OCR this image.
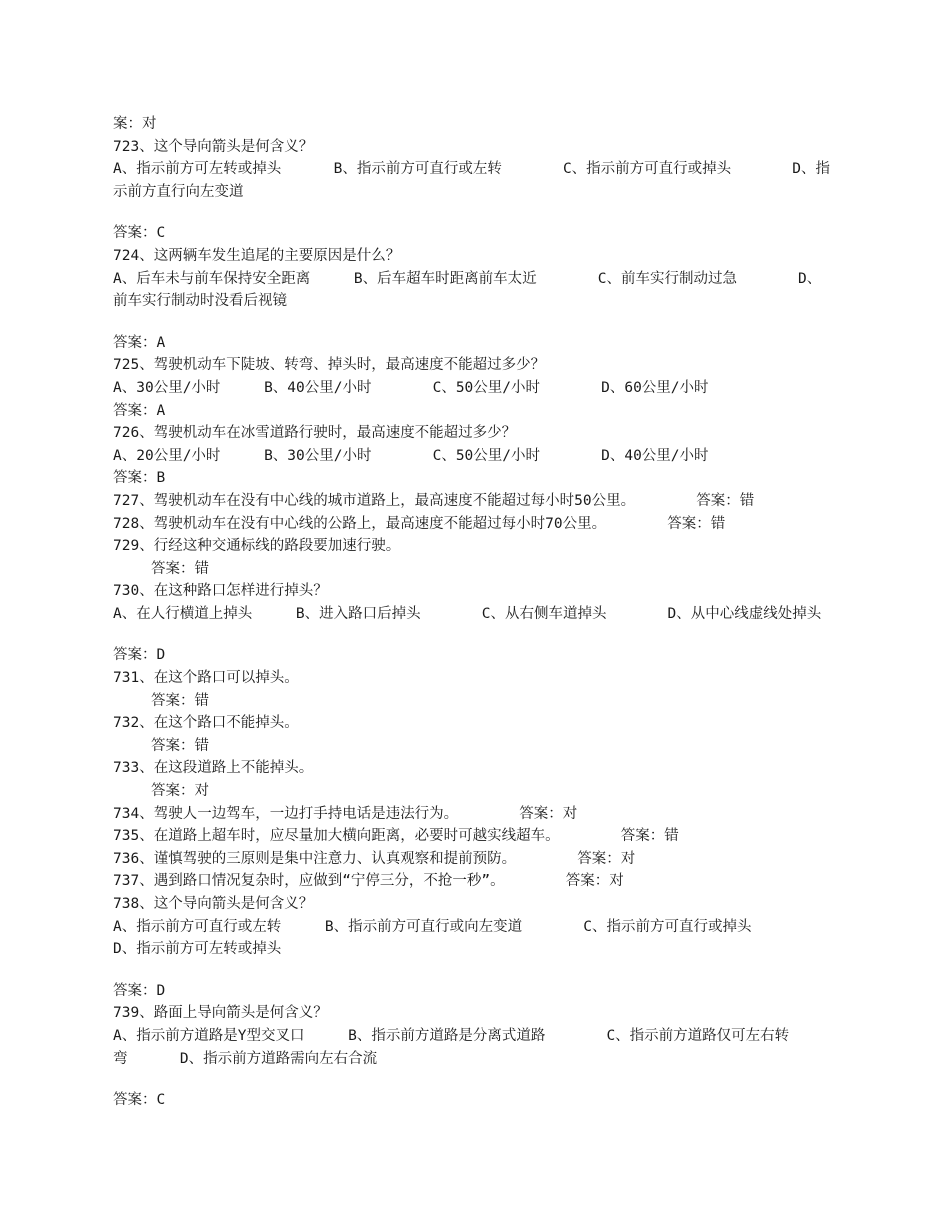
案：对
723、这个导向箭头是何含义？
A、指示前方可左转或掉头      B、指示前方可直行或左转       C、指示前方可直行或掉头       D、指
示前方直行向左变道
答案：C
724、这两辆车发生追尾的主要原因是什么？
A、后车未与前车保持安全距离     B、后车超车时距离前车太近       C、前车实行制动过急       D、
前车实行制动时没看后视镜
答案：A
725、驾驶机动车下陡坡、转弯、掉头时，最高速度不能超过多少？
A、30公里/小时     B、40公里/小时       C、50公里/小时       D、60公里/小时
答案：A
726、驾驶机动车在冰雪道路行驶时，最高速度不能超过多少？
A、20公里/小时     B、30公里/小时       C、50公里/小时       D、40公里/小时
答案：B
727、驾驶机动车在没有中心线的城市道路上，最高速度不能超过每小时50公里。       答案：错
728、驾驶机动车在没有中心线的公路上，最高速度不能超过每小时70公里。       答案：错
729、行经这种交通标线的路段要加速行驶。
答案：错
730、在这种路口怎样进行掉头？
A、在人行横道上掉头     B、进入路口后掉头       C、从右侧车道掉头       D、从中心线虚线处掉头
答案：D
731、在这个路口可以掉头。
答案：错
732、在这个路口不能掉头。
答案：错
733、在这段道路上不能掉头。
答案：对
734、驾驶人一边驾车，一边打手持电话是违法行为。       答案：对
735、在道路上超车时，应尽量加大横向距离，必要时可越实线超车。       答案：错
736、谨慎驾驶的三原则是集中注意力、认真观察和提前预防。       答案：对
737、遇到路口情况复杂时，应做到“宁停三分，不抢一秒”。       答案：对
738、这个导向箭头是何含义？
A、指示前方可直行或左转     B、指示前方可直行或向左变道       C、指示前方可直行或掉头
D、指示前方可左转或掉头
答案：D
739、路面上导向箭头是何含义？
A、指示前方道路是Y型交叉口     B、指示前方道路是分离式道路       C、指示前方道路仅可左右转
弯      D、指示前方道路需向左右合流
答案：C
